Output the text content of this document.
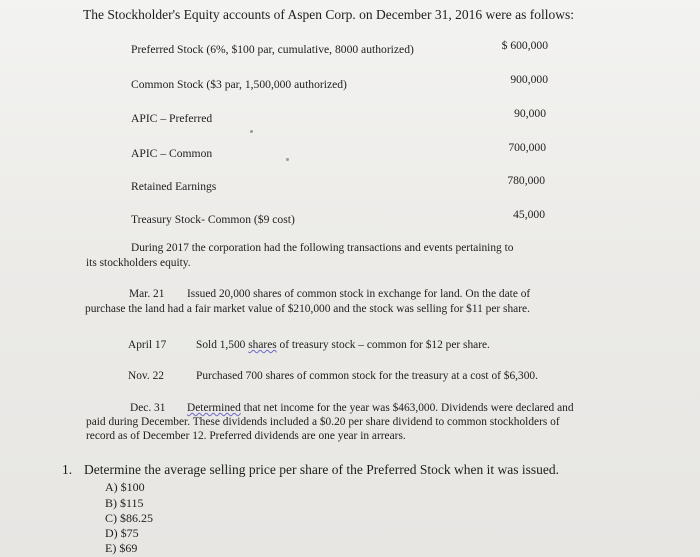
The Stockholder's Equity accounts of Aspen Corp. on December 31, 2016 were as follows:
Preferred Stock (6%, $100 par, cumulative, 8000 authorized)	$ 600,000
Common Stock ($3 par, 1,500,000 authorized)	900,000
APIC – Preferred	90,000
APIC – Common	700,000
Retained Earnings	780,000
Treasury Stock- Common ($9 cost)	45,000
During 2017 the corporation had the following transactions and events pertaining to
its stockholders equity.
Mar. 21 Issued 20,000 shares of common stock in exchange for land. On the date of
purchase the land had a fair market value of $210,000 and the stock was selling for $11 per share.
April 17	Sold 1,500 shares of treasury stock – common for $12 per share.
Nov. 22	Purchased 700 shares of common stock for the treasury at a cost of $6,300.
Dec. 31 Determined that net income for the year was $463,000. Dividends were declared and
paid during December. These dividends included a $0.20 per share dividend to common stockholders of
record as of December 12. Preferred dividends are one year in arrears.
1. Determine the average selling price per share of the Preferred Stock when it was issued.
A) $100
B) $115
C) $86.25
D) $75
E) $69
